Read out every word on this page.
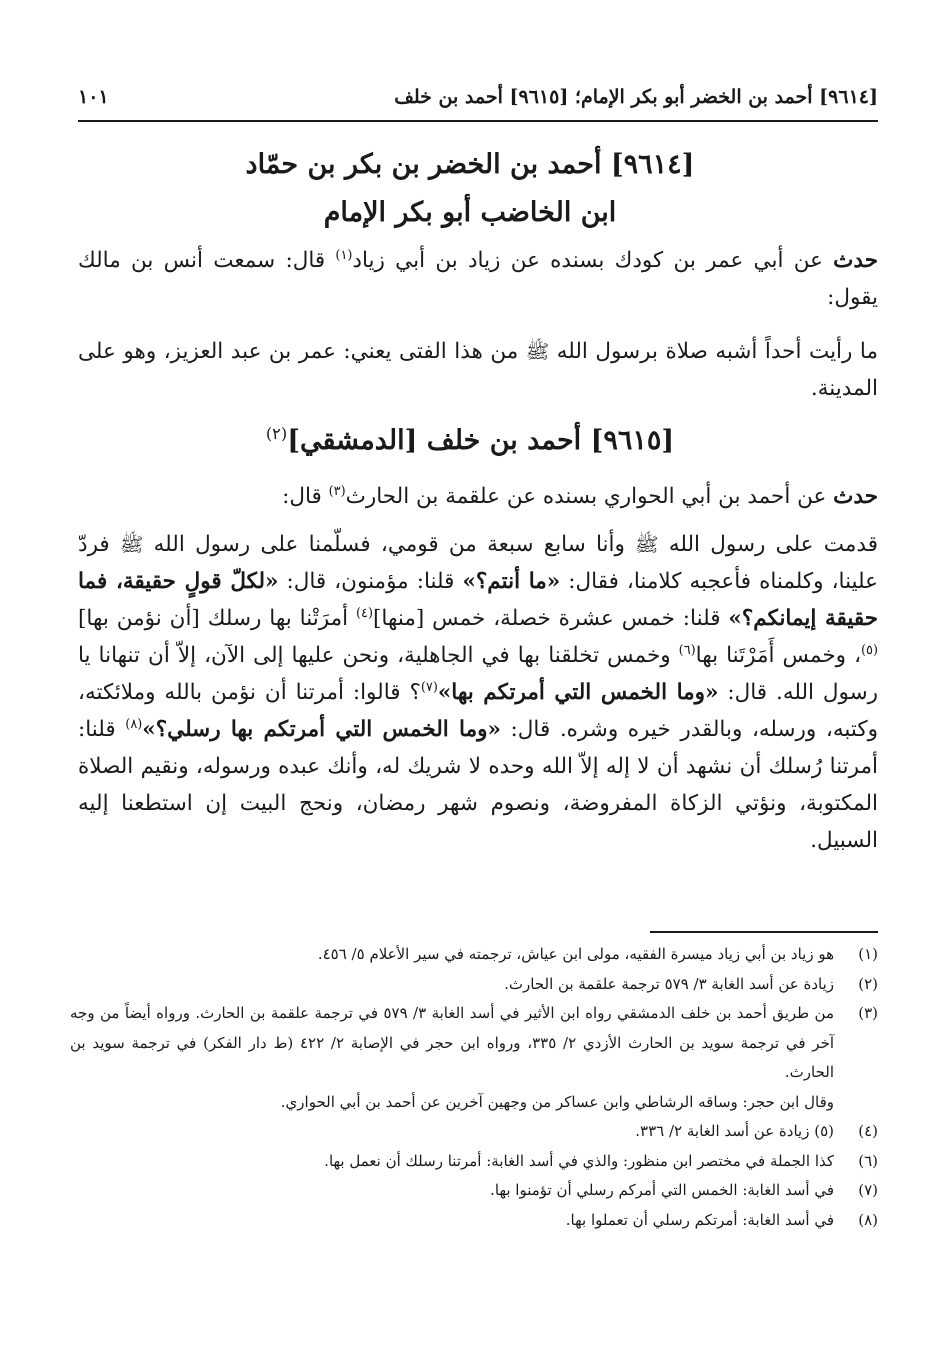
[٩٦١٤] أحمد بن الخضر أبو بكر الإمام؛ [٩٦١٥] أحمد بن خلف
١٠١
[٩٦١٤] أحمد بن الخضر بن بكر بن حمّاد
ابن الخاضب أبو بكر الإمام

حدث عن أبي عمر بن كودك بسنده عن زياد بن أبي زياد$^{(١)}$ قال: سمعت أنس بن مالك يقول:

ما رأيت أحداً أشبه صلاة برسول الله ﷺ من هذا الفتى يعني: عمر بن عبد العزيز، وهو على المدينة.

[٩٦١٥] أحمد بن خلف [الدمشقي]$^{(٢)}$

حدث عن أحمد بن أبي الحواري بسنده عن علقمة بن الحارث$^{(٣)}$ قال:

قدمت على رسول الله ﷺ وأنا سابع سبعة من قومي، فسلّمنا على رسول الله ﷺ فردّ علينا، وكلمناه فأعجبه كلامنا، فقال: «ما أنتم؟» قلنا: مؤمنون، قال: «لكلّ قولٍ حقيقة، فما حقيقة إيمانكم؟» قلنا: خمس عشرة خصلة، خمس [منها]$^{(٤)}$ أمرَتْنا بها رسلك [أن نؤمن بها]$^{(٥)}$، وخمس أَمَرْتَنا بها$^{(٦)}$ وخمس تخلقنا بها في الجاهلية، ونحن عليها إلى الآن، إلاّ أن تنهانا يا رسول الله. قال: «وما الخمس التي أمرتكم بها»$^{(٧)}$؟ قالوا: أمرتنا أن نؤمن بالله وملائكته، وكتبه، ورسله، وبالقدر خيره وشره. قال: «وما الخمس التي أمرتكم بها رسلي؟»$^{(٨)}$ قلنا: أمرتنا رُسلك أن نشهد أن لا إله إلاّ الله وحده لا شريك له، وأنك عبده ورسوله، ونقيم الصلاة المكتوبة، ونؤتي الزكاة المفروضة، ونصوم شهر رمضان، ونحج البيت إن استطعنا إليه السبيل.

(١)
هو زياد بن أبي زياد ميسرة الفقيه، مولى ابن عياش، ترجمته في سير الأعلام ٥/ ٤٥٦.
(٢)
زيادة عن أسد الغابة ٣/ ٥٧٩ ترجمة علقمة بن الحارث.
(٣)
من طريق أحمد بن خلف الدمشقي رواه ابن الأثير في أسد الغابة ٣/ ٥٧٩ في ترجمة علقمة بن الحارث. ورواه أيضاً من وجه آخر في ترجمة سويد بن الحارث الأزدي ٢/ ٣٣٥، ورواه ابن حجر في الإصابة ٢/ ٤٢٢ (ط دار الفكر) في ترجمة سويد بن الحارث.
وقال ابن حجر: وساقه الرشاطي وابن عساكر من وجهين آخرين عن أحمد بن أبي الحواري.
(٤)
(٥) زيادة عن أسد الغابة ٢/ ٣٣٦.
(٦)
كذا الجملة في مختصر ابن منظور: والذي في أسد الغابة: أمرتنا رسلك أن نعمل بها.
(٧)
في أسد الغابة: الخمس التي أمركم رسلي أن تؤمنوا بها.
(٨)
في أسد الغابة: أمرتكم رسلي أن تعملوا بها.
